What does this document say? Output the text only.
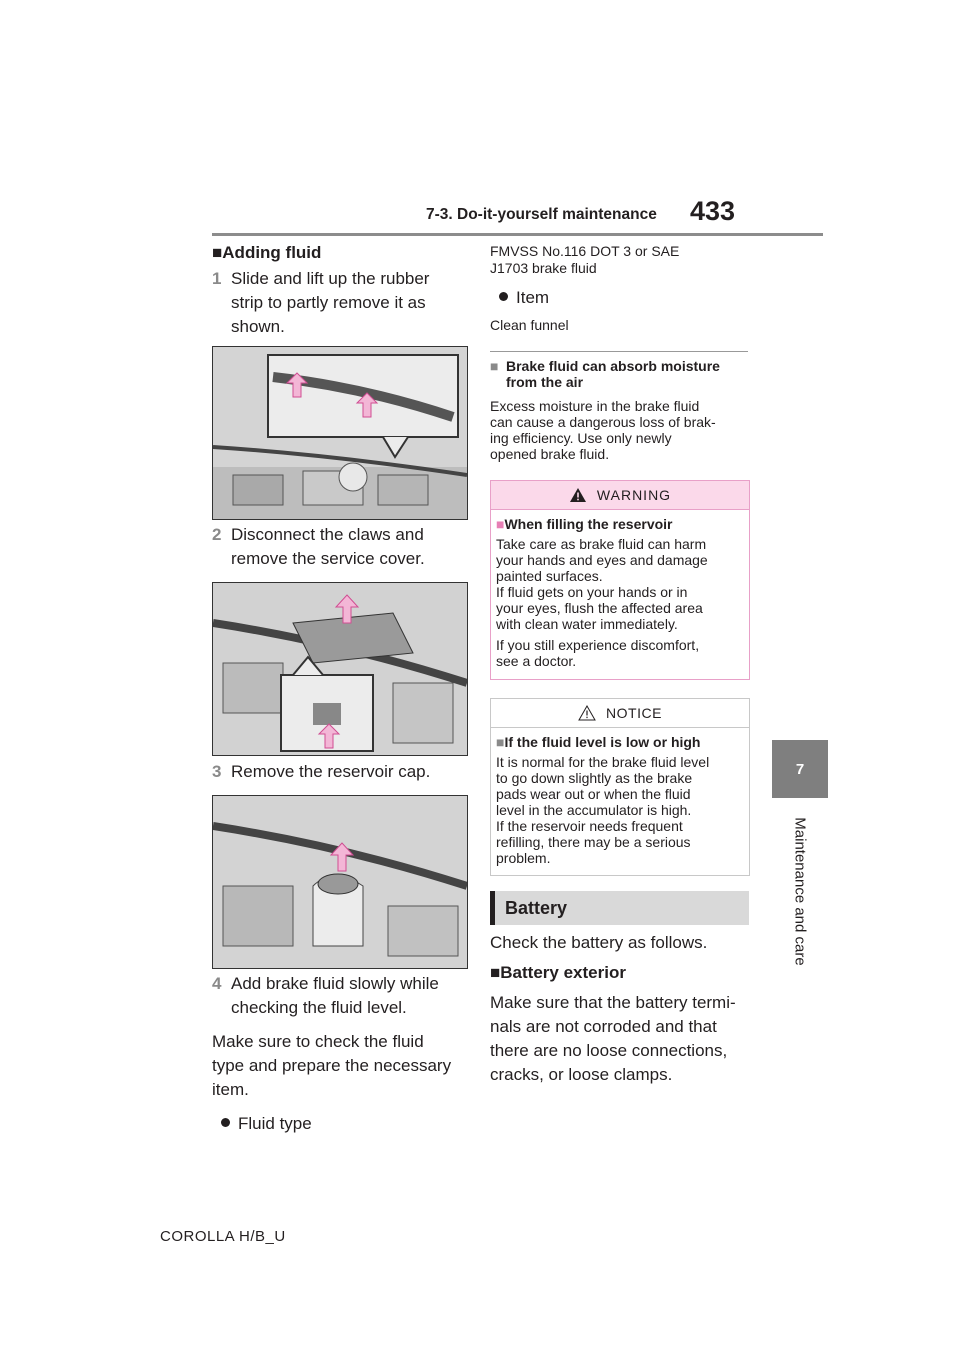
7-3. Do-it-yourself maintenance 433
7
Maintenance and care
■Adding fluid
1 Slide and lift up the rubber
strip to partly remove it as
shown.
2 Disconnect the claws and
remove the service cover.
3 Remove the reservoir cap.
4 Add brake fluid slowly while
checking the fluid level.
Make sure to check the fluid
type and prepare the necessary
item.
Fluid type
FMVSS No.116 DOT 3 or SAE
J1703 brake fluid
Item
Clean funnel
■ Brake fluid can absorb moisture
from the air
Excess moisture in the brake fluid
can cause a dangerous loss of brak-
ing efficiency. Use only newly
opened brake fluid.
WARNING
■When filling the reservoir

Take care as brake fluid can harm
your hands and eyes and damage
painted surfaces.
If fluid gets on your hands or in
your eyes, flush the affected area
with clean water immediately.

If you still experience discomfort,
see a doctor.

NOTICE
■If the fluid level is low or high

It is normal for the brake fluid level
to go down slightly as the brake
pads wear out or when the fluid
level in the accumulator is high.
If the reservoir needs frequent
refilling, there may be a serious
problem.

Battery
Check the battery as follows.
■Battery exterior
Make sure that the battery termi-
nals are not corroded and that
there are no loose connections,
cracks, or loose clamps.
COROLLA H/B_U
